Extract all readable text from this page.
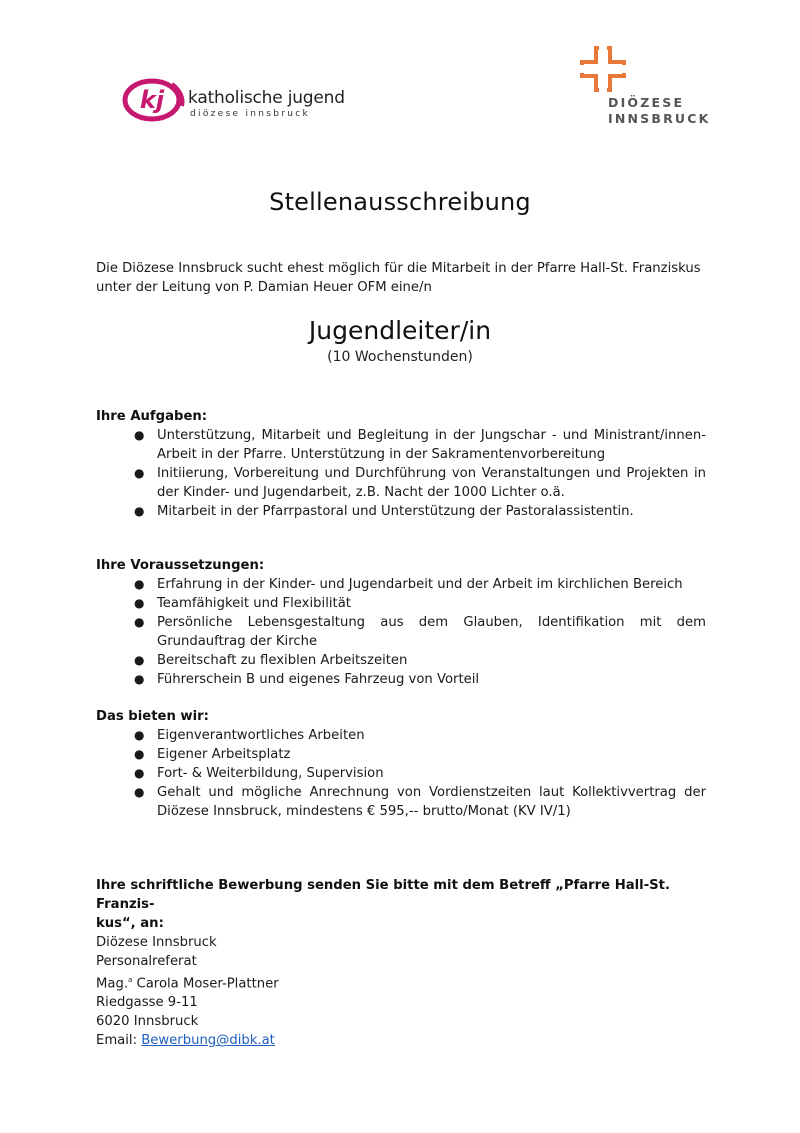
kj katholische jugend
diözese innsbruck
DIÖZESE
INNSBRUCK
Stellenausschreibung
Die Diözese Innsbruck sucht ehest möglich für die Mitarbeit in der Pfarre Hall-St. Franziskus unter der Leitung von P. Damian Heuer OFM eine/n
Jugendleiter/in
(10 Wochenstunden)
Ihre Aufgaben:
● Unterstützung, Mitarbeit und Begleitung in der Jungschar - und Ministrant/innen-Arbeit in der Pfarre. Unterstützung in der Sakramentenvorbereitung
● Initiierung, Vorbereitung und Durchführung von Veranstaltungen und Projekten in der Kinder- und Jugendarbeit, z.B. Nacht der 1000 Lichter o.ä.
● Mitarbeit in der Pfarrpastoral und Unterstützung der Pastoralassistentin.
Ihre Voraussetzungen:
● Erfahrung in der Kinder- und Jugendarbeit und der Arbeit im kirchlichen Bereich
● Teamfähigkeit und Flexibilität
● Persönliche Lebensgestaltung aus dem Glauben, Identifikation mit dem Grundauftrag der Kirche
● Bereitschaft zu flexiblen Arbeitszeiten
● Führerschein B und eigenes Fahrzeug von Vorteil
Das bieten wir:
● Eigenverantwortliches Arbeiten
● Eigener Arbeitsplatz
● Fort- & Weiterbildung, Supervision
● Gehalt und mögliche Anrechnung von Vordienstzeiten laut Kollektivvertrag der Diözese Innsbruck, mindestens € 595,-- brutto/Monat (KV IV/1)
Ihre schriftliche Bewerbung senden Sie bitte mit dem Betreff „Pfarre Hall-St. Franzis-
kus“, an:
Diözese Innsbruck
Personalreferat
Mag.$^a$ Carola Moser-Plattner
Riedgasse 9-11
6020 Innsbruck
Email: Bewerbung@dibk.at
